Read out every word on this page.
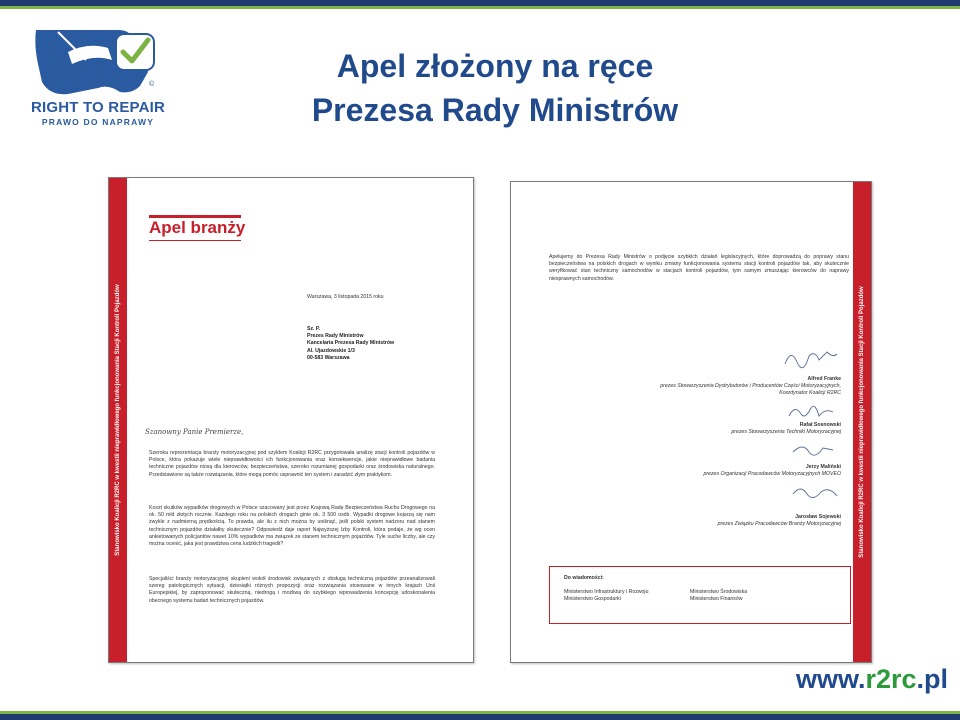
©
RIGHT TO REPAIR
PRAWO DO NAPRAWY
Apel złożony na ręce
Prezesa Rady Ministrów
Stanowisko Koalicji R2RC w kwestii nieprawidłowego funkcjonowania Stacji Kontroli Pojazdów
Apel branży
Warszawa, 3 listopada 2015 roku
Sz. P.
Prezes Rady Ministrów
Kancelaria Prezesa Rady Ministrów
Al. Ujazdowskie 1/3
00-583 Warszawa
Szanowny Panie Premierze,
Szeroka reprezentacja branży motoryzacyjnej pod szyldem Koalicji R2RC przygotowała analizę stacji kontroli pojazdów w Polsce, która pokazuje wiele nieprawidłowości ich funkcjonowania oraz konsekwencje, jakie nieprawidłowe badania techniczne pojazdów niosą dla kierowców, bezpieczeństwa, szeroko rozumianej gospodarki oraz środowiska naturalnego. Przedstawione są także rozwiązania, które mogą pomóc usprawnić ten system i zaradzić złym praktykom.
Koszt skutków wypadków drogowych w Polsce szacowany jest przez Krajową Radę Bezpieczeństwa Ruchu Drogowego na ok. 50 mld złotych rocznie. Każdego roku na polskich drogach ginie ok. 3 500 osób. Wypadki drogowe kojarzą się nam zwykle z nadmierną prędkością. To prawda, ale ilu z nich można by uniknąć, jeśli polski system nadzoru nad stanem technicznym pojazdów działałby skutecznie? Odpowiedź daje raport Najwyższej Izby Kontroli, która podaje, że wg ocen ankietowanych policjantów nawet 10% wypadków ma związek ze stanem technicznym pojazdów. Tyle suche liczby, ale czy można ocenić, jaka jest prawdziwa cena ludzkich tragedii?
Specjaliści branży motoryzacyjnej skupieni wokół środowisk związanych z obsługą techniczną pojazdów przeanalizowali szereg patologicznych sytuacji, dziesiątki różnych propozycji oraz rozwiązania stosowane w innych krajach Unii Europejskiej, by zaproponować skuteczną, niedrogą i możliwą do szybkiego wprowadzenia koncepcję udoskonalenia obecnego systemu badań technicznych pojazdów.
Stanowisko Koalicji R2RC w kwestii nieprawidłowego funkcjonowania Stacji Kontroli Pojazdów
Apelujemy do Prezesa Rady Ministrów o podjęcie szybkich działań legislacyjnych, które doprowadzą do poprawy stanu bezpieczeństwa na polskich drogach w wyniku zmiany funkcjonowania systemu stacji kontroli pojazdów tak, aby skutecznie weryfikować stan techniczny samochodów w stacjach kontroli pojazdów, tym samym zmuszając kierowców do naprawy niesprawnych samochodów.
Alfred Franke
prezes Stowarzyszenia Dystrybutorów i Producentów Części Motoryzacyjnych, Koordynator Koalicji R2RC
Rafał Sosnowski
prezes Stowarzyszenia Techniki Motoryzacyjnej
Jerzy Maliński
prezes Organizacji Pracodawców Motoryzacyjnych MOVEO
Jarosław Sojewski
prezes Związku Pracodawców Branży Motoryzacyjnej
Do wiadomości:
Ministerstwo Infrastruktury i Rozwoju
Ministerstwo Gospodarki
Ministerstwo Środowiska
Ministerstwo Finansów
www.r2rc.pl
